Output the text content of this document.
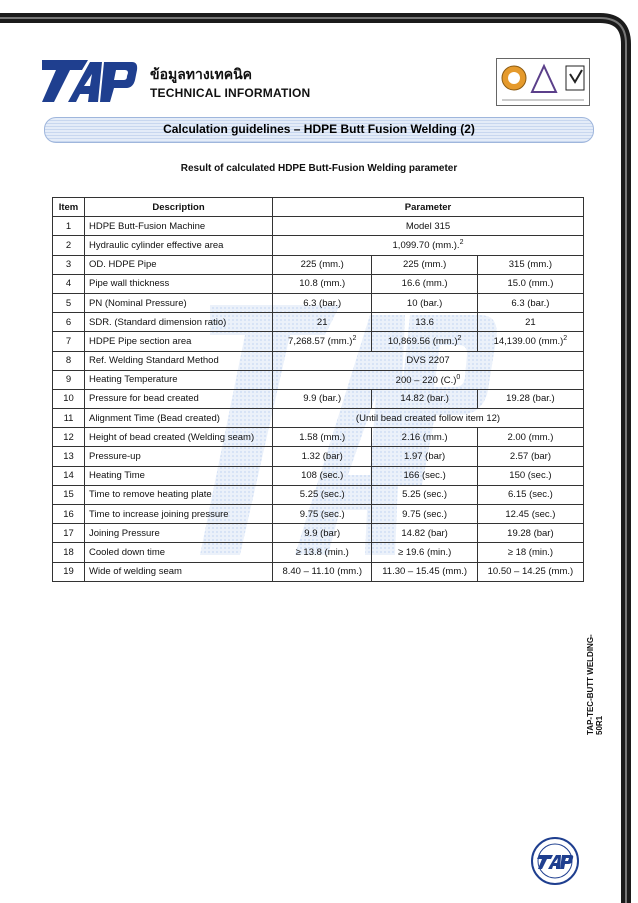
ข้อมูลทางเทคนิค
TECHNICAL INFORMATION
Calculation guidelines – HDPE Butt Fusion Welding (2)
Result of calculated HDPE Butt-Fusion Welding parameter
Item	Description	Parameter		
1	HDPE Butt-Fusion Machine	Model 315		
2	Hydraulic cylinder effective area	1,099.70 (mm.).$^2$
3	OD. HDPE Pipe	225 (mm.)	225 (mm.)	315 (mm.)
4	Pipe wall thickness	10.8 (mm.)	16.6 (mm.)	15.0 (mm.)
5	PN (Nominal Pressure)	6.3 (bar.)	10 (bar.)	6.3 (bar.)
6	SDR. (Standard dimension ratio)	21	13.6	21
7	HDPE Pipe section area	7,268.57 $(mm.)^2$	10,869.56 $(mm.)^2$	14,139.00 $(mm.)^2$
8	Ref. Welding Standard Method	DVS 2207		
9	Heating Temperature	200 – 220 $(C.)^0$
10	Pressure for bead created	9.9 (bar.)	14.82 (bar.)	19.28 (bar.)
11	Alignment Time (Bead created)	(Until bead created follow item 12)		
12	Height of bead created (Welding seam)	1.58 (mm.)	2.16 (mm.)	2.00 (mm.)
13	Pressure-up	1.32 (bar)	1.97 (bar)	2.57 (bar)
14	Heating Time	108 (sec.)	166 (sec.)	150 (sec.)
15	Time to remove heating plate	5.25 (sec.)	5.25 (sec.)	6.15 (sec.)
16	Time to increase joining pressure	9.75 (sec.)	9.75 (sec.)	12.45 (sec.)
17	Joining Pressure	9.9 (bar)	14.82 (bar)	19.28 (bar)
18	Cooled down time	≥ 13.8 (min.)	≥ 19.6 (min.)	≥ 18 (min.)
19	Wide of welding seam	8.40 – 11.10 (mm.)	11.30 – 15.45 (mm.)	10.50 – 14.25 (mm.)
TAP-TEC-BUTT WELDING-50R1
